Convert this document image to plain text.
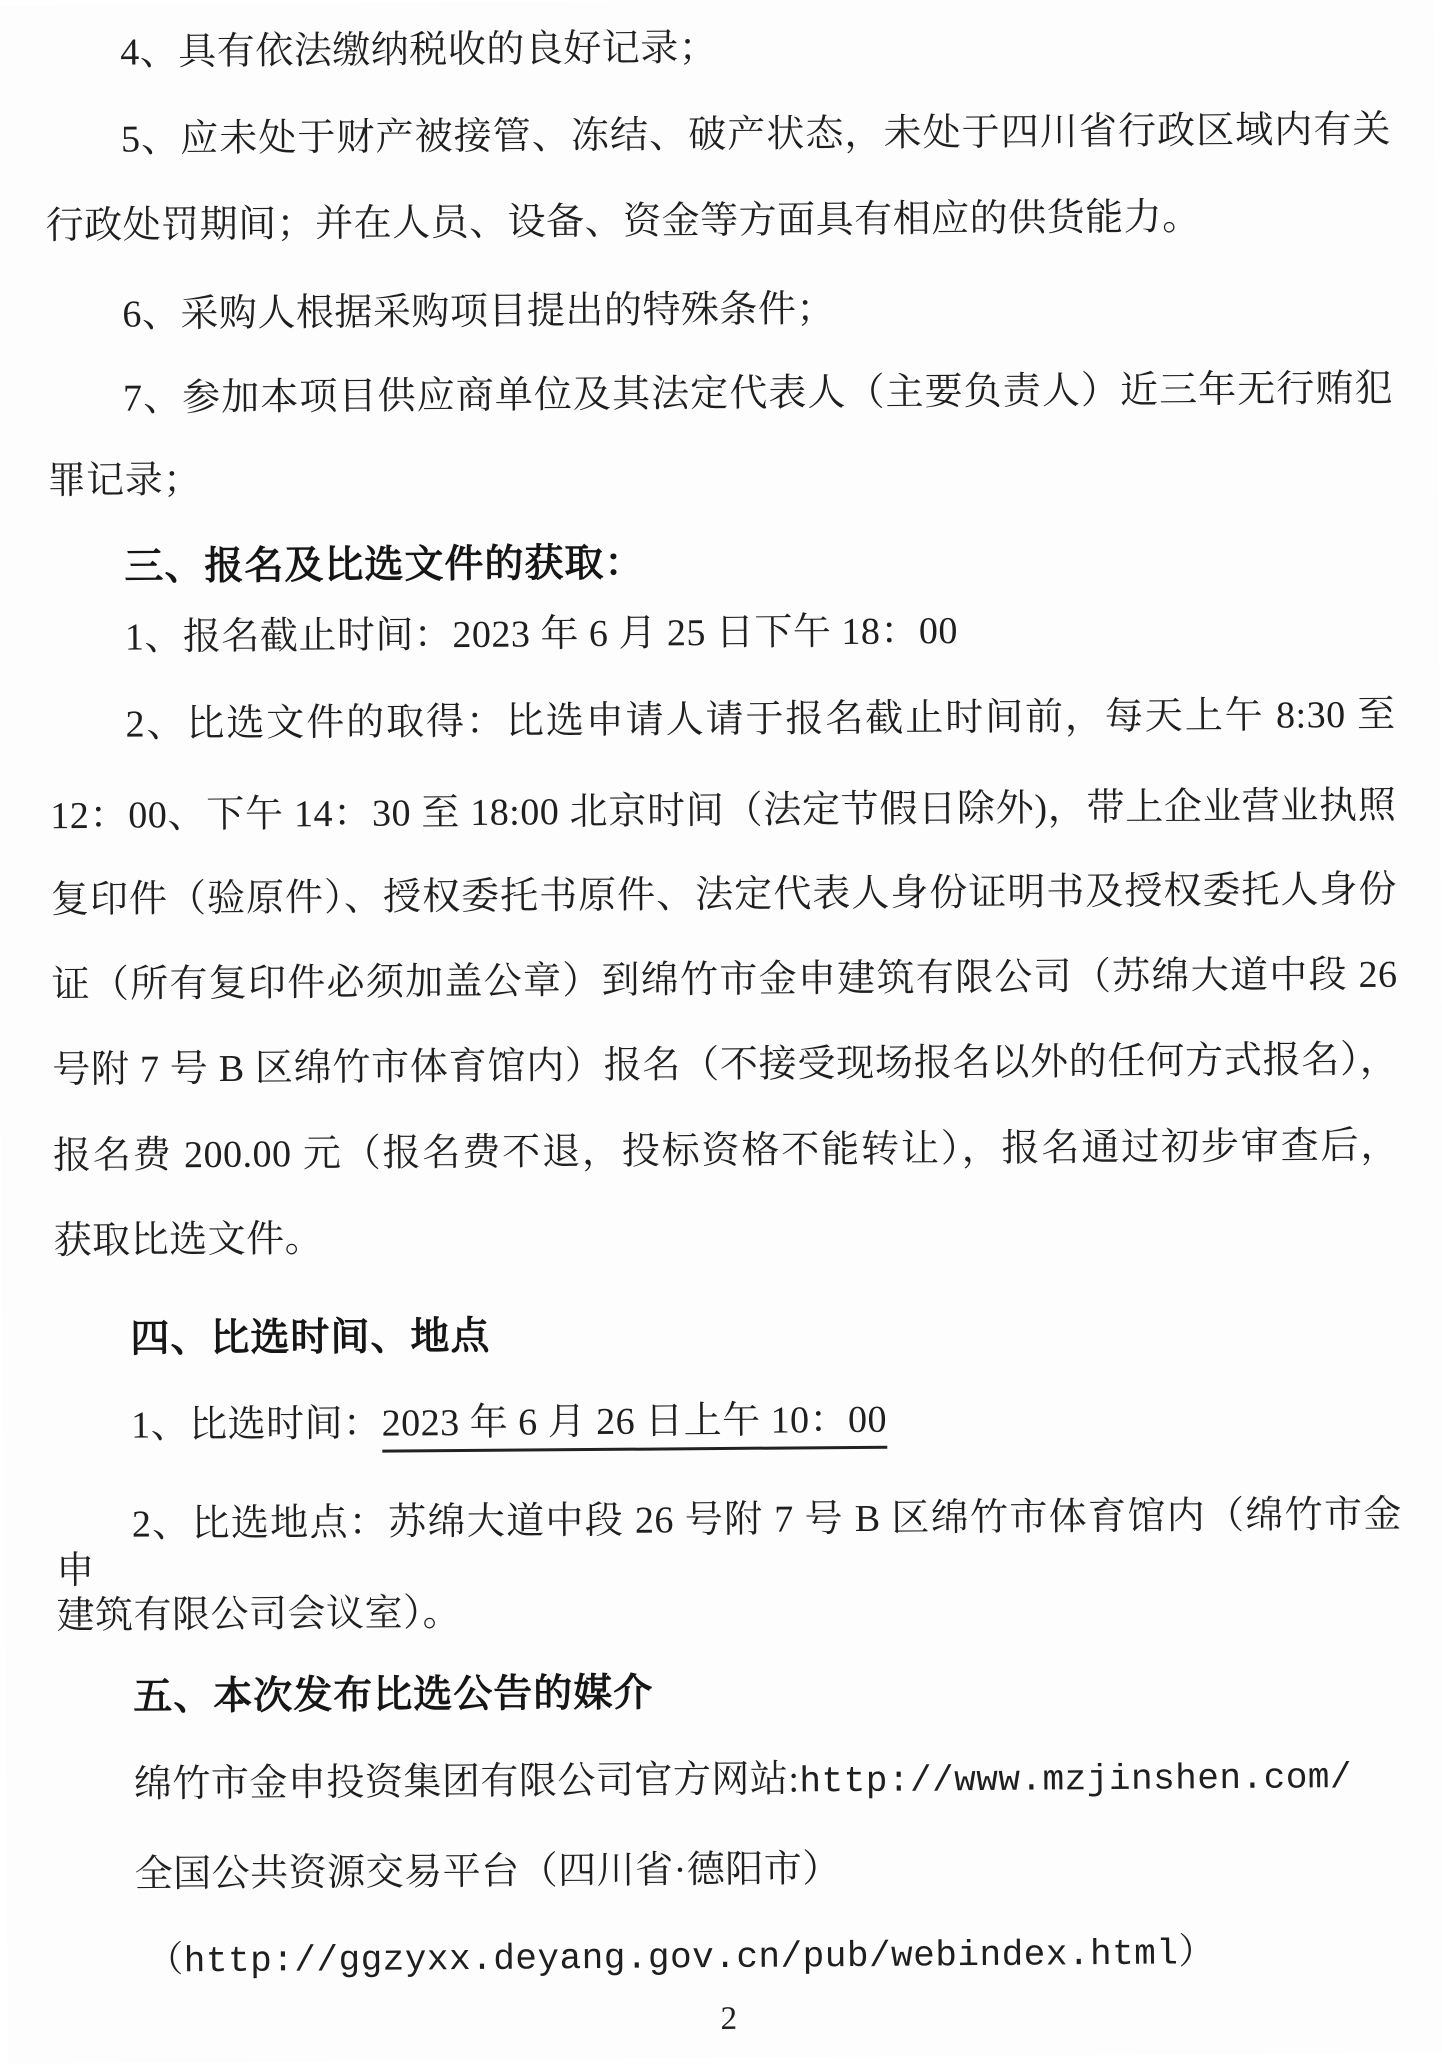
4、具有依法缴纳税收的良好记录；
5、应未处于财产被接管、冻结、破产状态，未处于四川省行政区域内有关
行政处罚期间；并在人员、设备、资金等方面具有相应的供货能力。
6、采购人根据采购项目提出的特殊条件；
7、参加本项目供应商单位及其法定代表人（主要负责人）近三年无行贿犯
罪记录；
三、报名及比选文件的获取：
1、报名截止时间：2023 年 6 月 25 日下午 18：00
2、比选文件的取得：比选申请人请于报名截止时间前，每天上午 8:30 至
12：00、下午 14：30 至 18:00 北京时间（法定节假日除外)，带上企业营业执照
复印件（验原件）、授权委托书原件、法定代表人身份证明书及授权委托人身份
证（所有复印件必须加盖公章）到绵竹市金申建筑有限公司（苏绵大道中段 26
号附 7 号 B 区绵竹市体育馆内）报名（不接受现场报名以外的任何方式报名），
报名费 200.00 元（报名费不退，投标资格不能转让），报名通过初步审查后，
获取比选文件。
四、比选时间、地点
1、比选时间：2023 年 6 月 26 日上午 10：00
2、比选地点：苏绵大道中段 26 号附 7 号 B 区绵竹市体育馆内（绵竹市金申
建筑有限公司会议室）。
五、本次发布比选公告的媒介
绵竹市金申投资集团有限公司官方网站:http://www.mzjinshen.com/
全国公共资源交易平台（四川省·德阳市）
（http://ggzyxx.deyang.gov.cn/pub/webindex.html）
2
